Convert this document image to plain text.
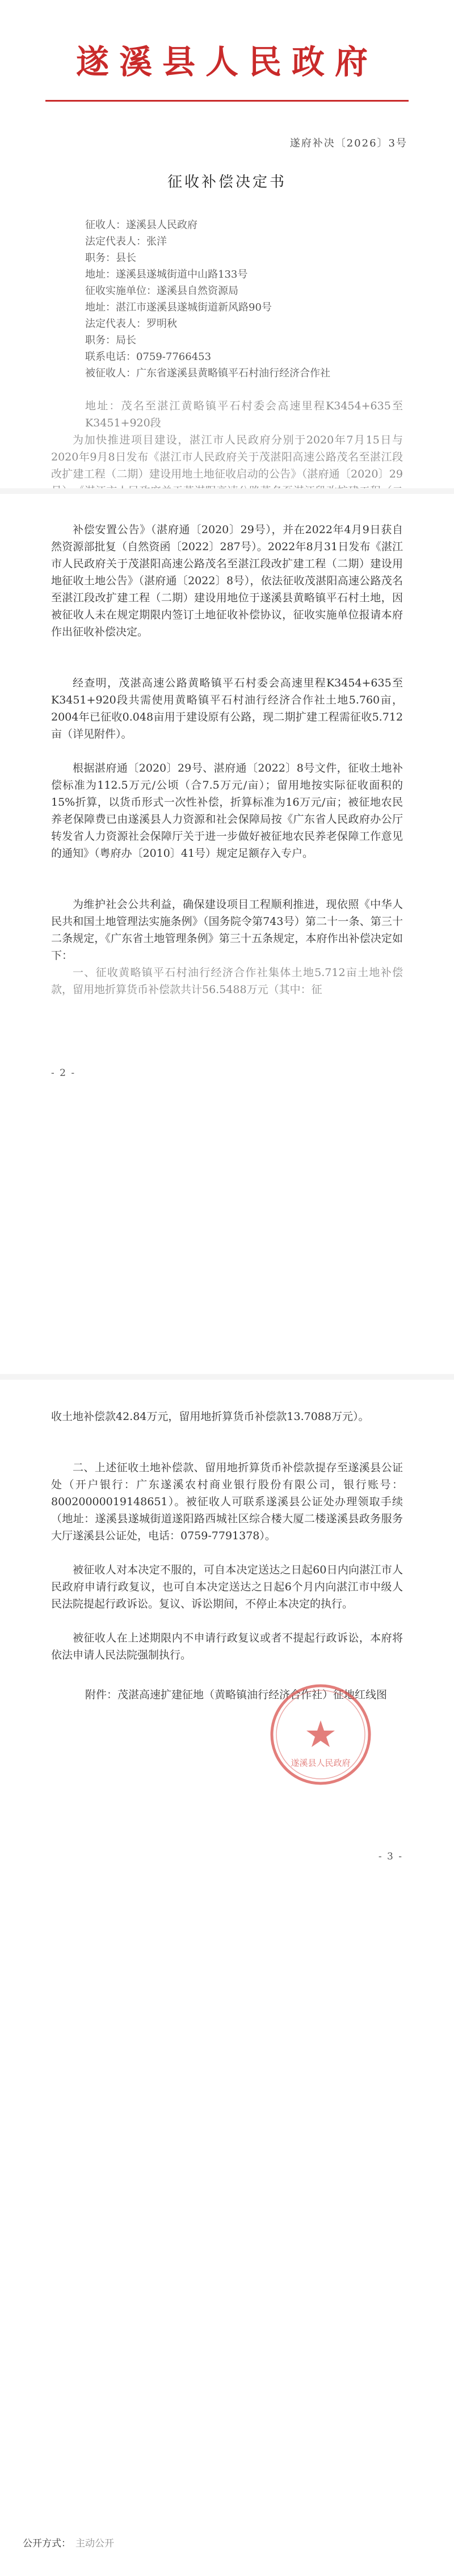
遂溪县人民政府
遂府补决〔2026〕3号
征收补偿决定书
征收人：遂溪县人民政府
法定代表人：张洋
职务：县长
地址：遂溪县遂城街道中山路133号
征收实施单位：遂溪县自然资源局
地址：湛江市遂溪县遂城街道新风路90号
法定代表人：罗明秋
职务：局长
联系电话：0759-7766453
被征收人：广东省遂溪县黄略镇平石村油行经济合作社
地址：茂名至湛江黄略镇平石村委会高速里程K3454+635至K3451+920段
为加快推进项目建设，湛江市人民政府分别于2020年7月15日与2020年9月8日发布《湛江市人民政府关于茂湛阳高速公路茂名至湛江段改扩建工程（二期）建设用地土地征收启动的公告》（湛府通〔2020〕29
补偿安置公告》（湛府通〔2020〕29号），并在2022年4月9日获自然资源部批复（自然资函〔2022〕287号）。2022年8月31日发布《湛江市人民政府关于茂湛阳高速公路茂名至湛江段改扩建工程（二期）建设用地征收土地公告》（湛府通〔2022〕8号），依法征收茂湛阳高速公路茂名至湛江段改扩建工程（二期）建设用地位于遂溪县黄略镇平石村土地，因被征收人未在规定期限内签订土地征收补偿协议，征收实施单位报请本府作出征收补偿决定。
经查明，茂湛高速公路黄略镇平石村委会高速里程K3454+635至K3451+920段共需使用黄略镇平石村油行经济合作社土地5.760亩，2004年已征收0.048亩用于建设原有公路，现二期扩建工程需征收5.712亩（详见附件）。
根据湛府通〔2020〕29号、湛府通〔2022〕8号文件，征收土地补偿标准为112.5万元/公顷（合7.5万元/亩）；留用地按实际征收面积的15%折算，以货币形式一次性补偿，折算标准为16万元/亩；被征地农民养老保障费已由遂溪县人力资源和社会保障局按《广东省人民政府办公厅转发省人力资源社会保障厅关于进一步做好被征地农民养老保障工作意见的通知》（粤府办〔2010〕41号）规定足额存入专户。
为维护社会公共利益，确保建设项目工程顺利推进，现依照《中华人民共和国土地管理法实施条例》（国务院令第743号）第二十一条、第三十二条规定，《广东省土地管理条例》第三十五条规定，本府作出补偿决定如下：
一、征收黄略镇平石村油行经济合作社集体土地5.712亩土地补偿款，留用地折算货币补偿款共计56.5488万元（其中：征
- 2 -
收土地补偿款42.84万元，留用地折算货币补偿款13.7088万元）。
二、上述征收土地补偿款、留用地折算货币补偿款提存至遂溪县公证处（开户银行：广东遂溪农村商业银行股份有限公司，银行账号：80020000019148651）。被征收人可联系遂溪县公证处办理领取手续（地址：遂溪县遂城街道遂阳路西城社区综合楼大厦二楼遂溪县政务服务大厅遂溪县公证处，电话：0759-7791378）。
被征收人对本决定不服的，可自本决定送达之日起60日内向湛江市人民政府申请行政复议，也可自本决定送达之日起6个月内向湛江市中级人民法院提起行政诉讼。复议、诉讼期间，不停止本决定的执行。
被征收人在上述期限内不申请行政复议或者不提起行政诉讼，本府将依法申请人民法院强制执行。
附件：茂湛高速扩建征地（黄略镇油行经济合作社）征地红线图
- 3 -
遂溪县人民政府
公开方式： 主动公开
